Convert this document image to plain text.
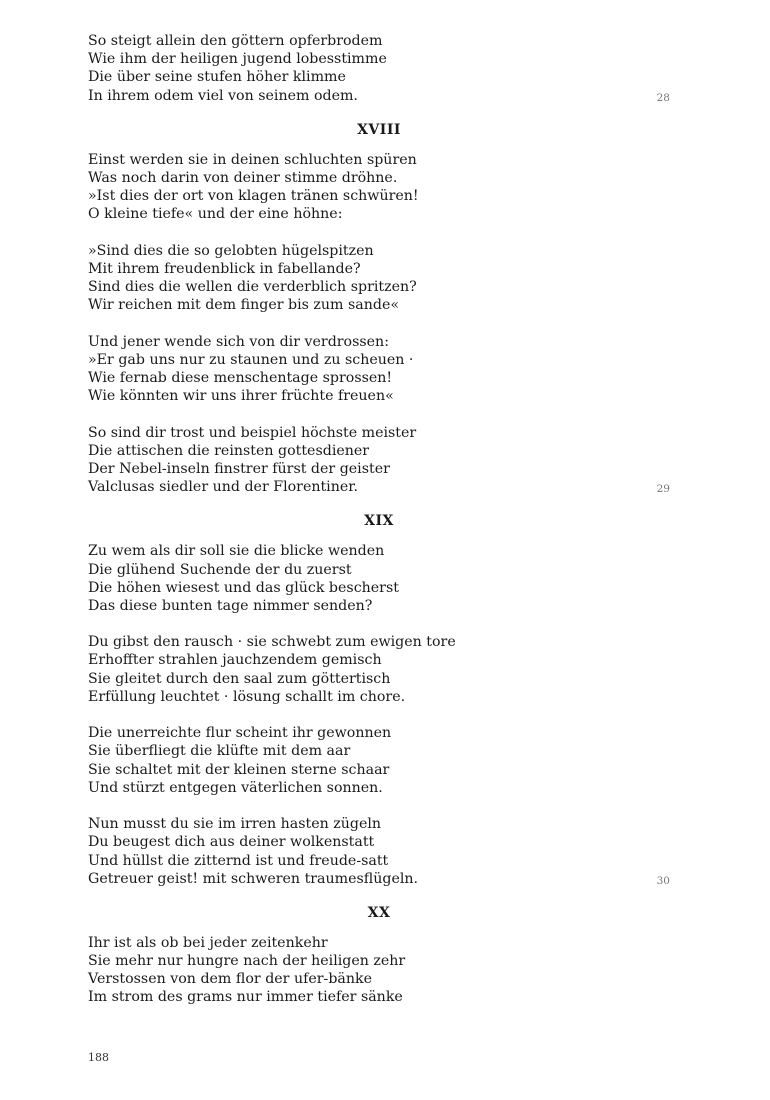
So steigt allein den göttern opferbrodem
Wie ihm der heiligen jugend lobesstimme
Die über seine stufen höher klimme
In ihrem odem viel von seinem odem.	28
XVIII
Einst werden sie in deinen schluchten spüren
Was noch darin von deiner stimme dröhne.
»Ist dies der ort von klagen tränen schwüren!
O kleine tiefe« und der eine höhne:
»Sind dies die so gelobten hügelspitzen
Mit ihrem freudenblick in fabellande?
Sind dies die wellen die verderblich spritzen?
Wir reichen mit dem finger bis zum sande«
Und jener wende sich von dir verdrossen:
»Er gab uns nur zu staunen und zu scheuen ·
Wie fernab diese menschentage sprossen!
Wie könnten wir uns ihrer früchte freuen«
So sind dir trost und beispiel höchste meister
Die attischen die reinsten gottesdiener
Der Nebel-inseln finstrer fürst der geister
Valclusas siedler und der Florentiner.	29
XIX
Zu wem als dir soll sie die blicke wenden
Die glühend Suchende der du zuerst
Die höhen wiesest und das glück bescherst
Das diese bunten tage nimmer senden?
Du gibst den rausch · sie schwebt zum ewigen tore
Erhoffter strahlen jauchzendem gemisch
Sie gleitet durch den saal zum göttertisch
Erfüllung leuchtet · lösung schallt im chore.
Die unerreichte flur scheint ihr gewonnen
Sie überfliegt die klüfte mit dem aar
Sie schaltet mit der kleinen sterne schaar
Und stürzt entgegen väterlichen sonnen.
Nun musst du sie im irren hasten zügeln
Du beugest dich aus deiner wolkenstatt
Und hüllst die zitternd ist und freude-satt
Getreuer geist! mit schweren traumesflügeln.	30
XX
Ihr ist als ob bei jeder zeitenkehr
Sie mehr nur hungre nach der heiligen zehr
Verstossen von dem flor der ufer-bänke
Im strom des grams nur immer tiefer sänke
188
